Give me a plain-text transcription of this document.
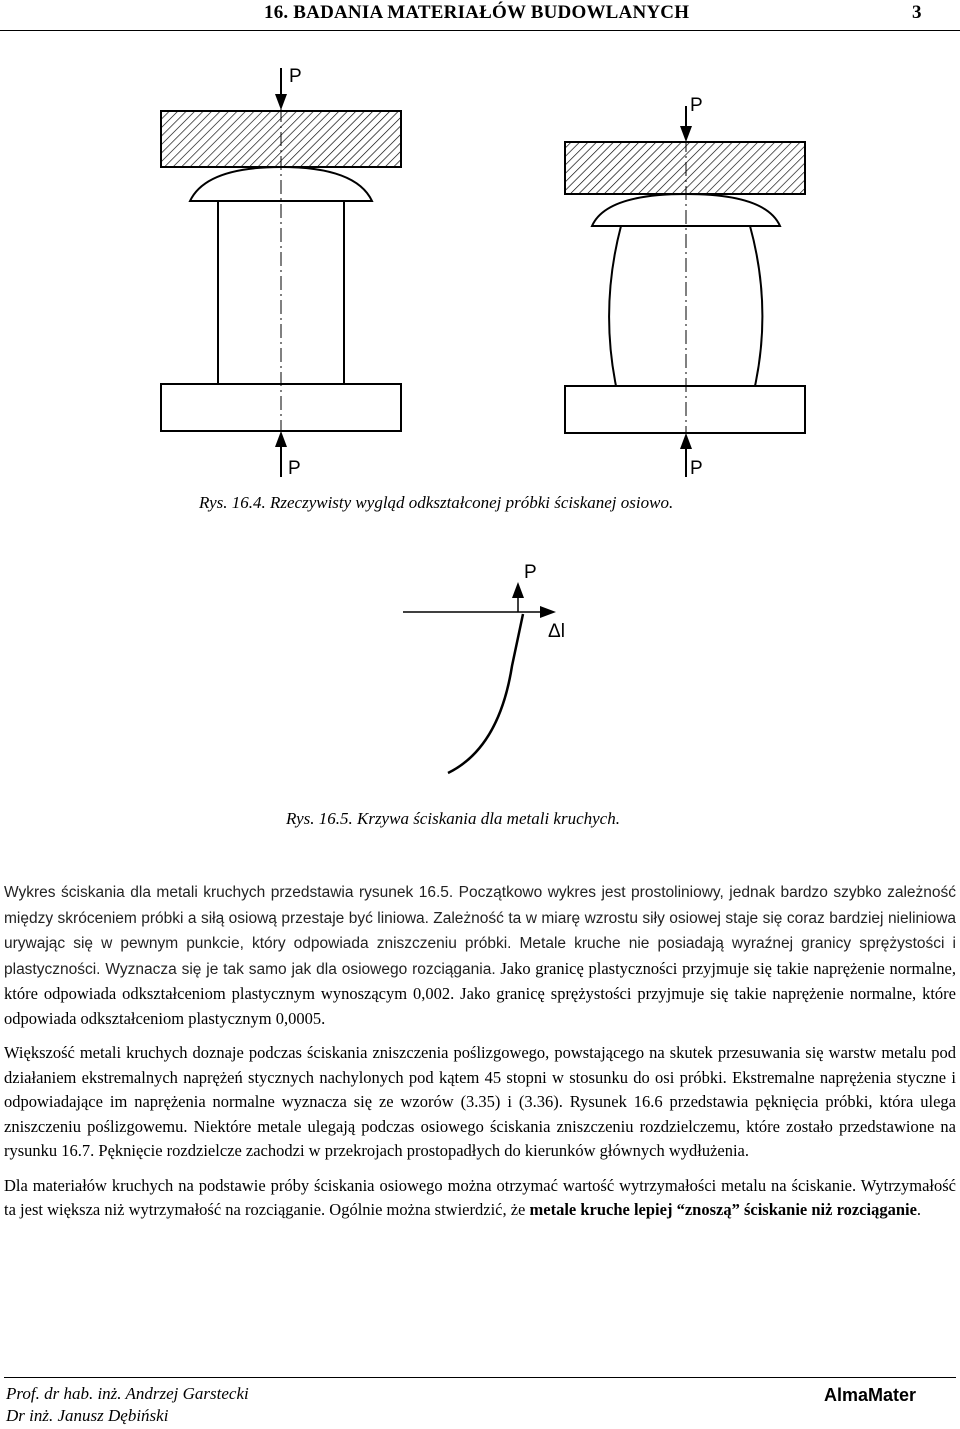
16. BADANIA MATERIAŁÓW BUDOWLANYCH	3
P
P
P	P
P
Δl
Rys. 16.4. Rzeczywisty wygląd odkształconej próbki ściskanej osiowo.
Rys. 16.5. Krzywa ściskania dla metali kruchych.

Wykres ściskania dla metali kruchych przedstawia rysunek 16.5. Początkowo wykres jest prostoliniowy, jednak bardzo szybko zależność między skróceniem próbki a siłą osiową przestaje być liniowa. Zależność ta w miarę wzrostu siły osiowej staje się coraz bardziej nieliniowa urywając się w pewnym punkcie, który odpowiada zniszczeniu próbki. Metale kruche nie posiadają wyraźnej granicy sprężystości i plastyczności. Wyznacza się je tak samo jak dla osiowego rozciągania. Jako granicę plastyczności przyjmuje się takie naprężenie normalne, które odpowiada odkształceniom plastycznym wynoszącym 0,002. Jako granicę sprężystości przyjmuje się takie naprężenie normalne, które odpowiada odkształceniom plastycznym 0,0005.

Większość metali kruchych doznaje podczas ściskania zniszczenia poślizgowego, powstającego na skutek przesuwania się warstw metalu pod działaniem ekstremalnych naprężeń stycznych nachylonych pod kątem 45 stopni w stosunku do osi próbki. Ekstremalne naprężenia styczne i odpowiadające im naprężenia normalne wyznacza się ze wzorów (3.35) i (3.36). Rysunek 16.6 przedstawia pęknięcia próbki, która ulega zniszczeniu poślizgowemu. Niektóre metale ulegają podczas osiowego ściskania zniszczeniu rozdzielczemu, które zostało przedstawione na rysunku 16.7. Pęknięcie rozdzielcze zachodzi w przekrojach prostopadłych do kierunków głównych wydłużenia.

Dla materiałów kruchych na podstawie próby ściskania osiowego można otrzymać wartość wytrzymałości metalu na ściskanie. Wytrzymałość ta jest większa niż wytrzymałość na rozciąganie. Ogólnie można stwierdzić, że metale kruche lepiej “znoszą” ściskanie niż rozciąganie.

Prof. dr hab. inż. Andrzej Garstecki
Dr inż. Janusz Dębiński
AlmaMater
